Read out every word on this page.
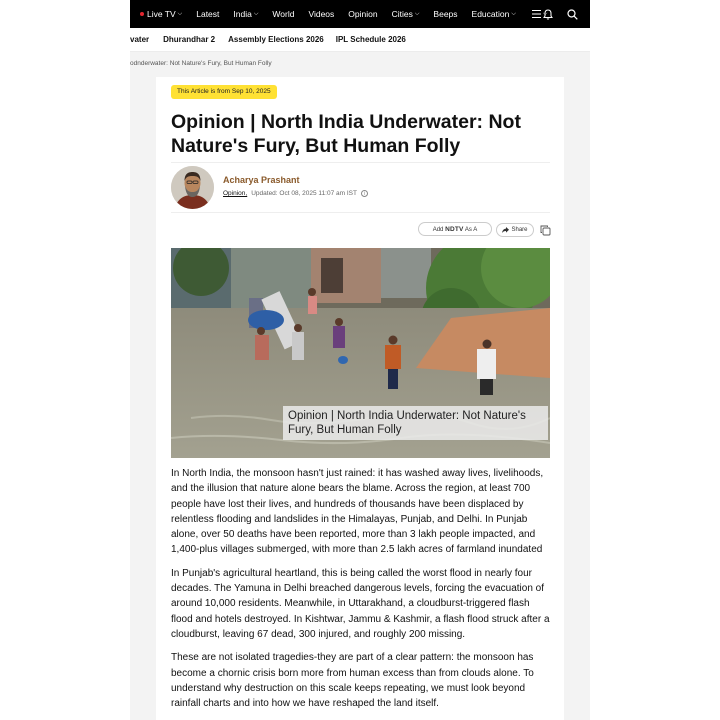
Live TV ⌵ Latest India ⌵ World Videos Opinion Cities ⌵ Beeps Education ⌵	⌵
vater Dhurandhar 2 Assembly Elections 2026 IPL Schedule 2026
odnderwater: Not Nature's Fury, But Human Folly
This Article is from Sep 10, 2025
Opinion | North India Underwater: Not Nature's Fury, But Human Folly
Acharya Prashant
Opinion, Updated: Oct 08, 2025 11:07 am IST	i
Add NDTV As A	Share
Opinion | North India Underwater: Not Nature's Fury, But Human Folly

In North India, the monsoon hasn't just rained: it has washed away lives, livelihoods, and the illusion that nature alone bears the blame. Across the region, at least 700 people have lost their lives, and hundreds of thousands have been displaced by relentless flooding and landslides in the Himalayas, Punjab, and Delhi. In Punjab alone, over 50 deaths have been reported, more than 3 lakh people impacted, and 1,400-plus villages submerged, with more than 2.5 lakh acres of farmland inundated

In Punjab's agricultural heartland, this is being called the worst flood in nearly four decades. The Yamuna in Delhi breached dangerous levels, forcing the evacuation of around 10,000 residents. Meanwhile, in Uttarakhand, a cloudburst-triggered flash flood and hotels destroyed. In Kishtwar, Jammu & Kashmir, a flash flood struck after a cloudburst, leaving 67 dead, 300 injured, and roughly 200 missing.

These are not isolated tragedies-they are part of a clear pattern: the monsoon has become a chornic crisis born more from human excess than from clouds alone. To understand why destruction on this scale keeps repeating, we must look beyond rainfall charts and into how we have reshaped the land itself.
